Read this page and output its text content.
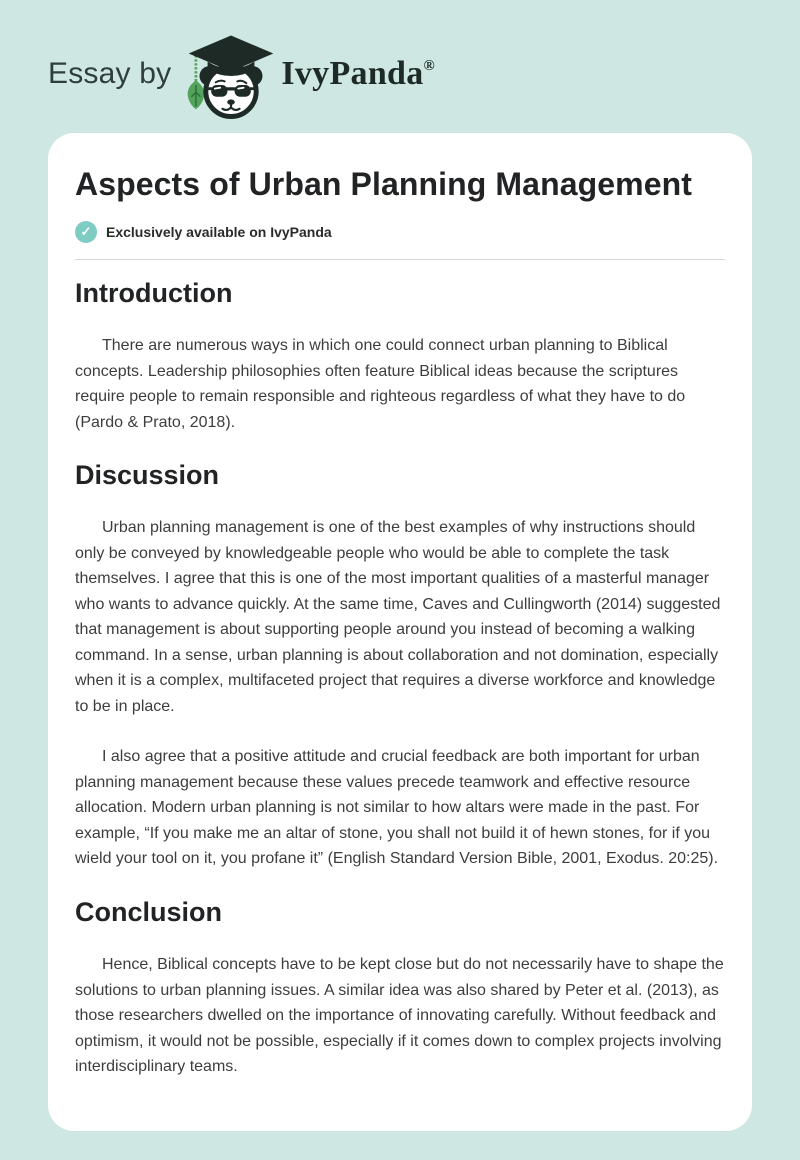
Essay by	IvyPanda®
Aspects of Urban Planning Management
✓	Exclusively available on IvyPanda
Introduction

There are numerous ways in which one could connect urban planning to Biblical concepts. Leadership philosophies often feature Biblical ideas because the scriptures require people to remain responsible and righteous regardless of what they have to do (Pardo & Prato, 2018).

Discussion

Urban planning management is one of the best examples of why instructions should only be conveyed by knowledgeable people who would be able to complete the task themselves. I agree that this is one of the most important qualities of a masterful manager who wants to advance quickly. At the same time, Caves and Cullingworth (2014) suggested that management is about supporting people around you instead of becoming a walking command. In a sense, urban planning is about collaboration and not domination, especially when it is a complex, multifaceted project that requires a diverse workforce and knowledge to be in place.

I also agree that a positive attitude and crucial feedback are both important for urban planning management because these values precede teamwork and effective resource allocation. Modern urban planning is not similar to how altars were made in the past. For example, “If you make me an altar of stone, you shall not build it of hewn stones, for if you wield your tool on it, you profane it” (English Standard Version Bible, 2001, Exodus. 20:25).

Conclusion

Hence, Biblical concepts have to be kept close but do not necessarily have to shape the solutions to urban planning issues. A similar idea was also shared by Peter et al. (2013), as those researchers dwelled on the importance of innovating carefully. Without feedback and optimism, it would not be possible, especially if it comes down to complex projects involving interdisciplinary teams.
